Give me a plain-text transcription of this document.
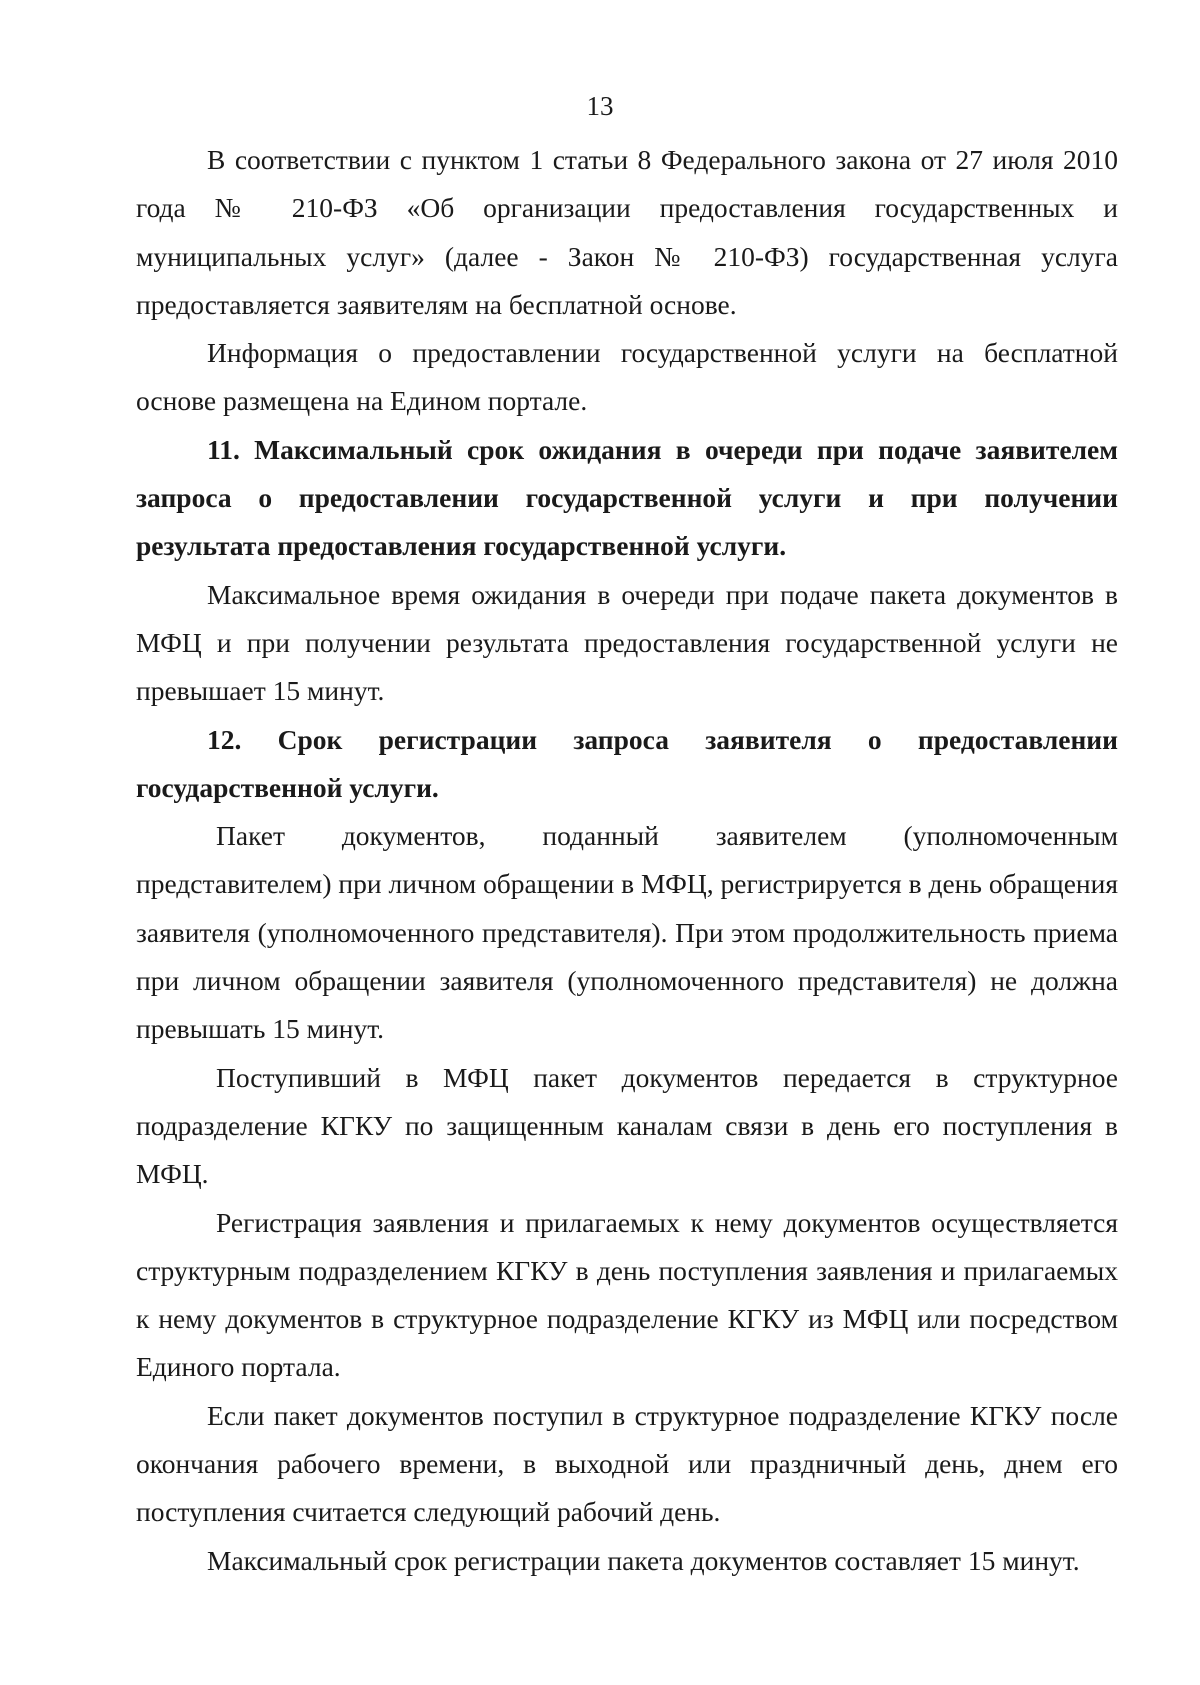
13

В соответствии с пунктом 1 статьи 8 Федерального закона от 27 июля 2010 года № 210-ФЗ «Об организации предоставления государственных и муниципальных услуг» (далее - Закон № 210-ФЗ) государственная услуга предоставляется заявителям на бесплатной основе.

Информация о предоставлении государственной услуги на бесплатной основе размещена на Едином портале.

11. Максимальный срок ожидания в очереди при подаче заявителем запроса о предоставлении государственной услуги и при получении результата предоставления государственной услуги.

Максимальное время ожидания в очереди при подаче пакета документов в МФЦ и при получении результата предоставления государственной услуги не превышает 15 минут.

12. Срок регистрации запроса заявителя о предоставлении государственной услуги.

Пакет документов, поданный заявителем (уполномоченным представителем) при личном обращении в МФЦ, регистрируется в день обращения заявителя (уполномоченного представителя). При этом продолжительность приема при личном обращении заявителя (уполномоченного представителя) не должна превышать 15 минут.

Поступивший в МФЦ пакет документов передается в структурное подразделение КГКУ по защищенным каналам связи в день его поступления в МФЦ.

Регистрация заявления и прилагаемых к нему документов осуществляется структурным подразделением КГКУ в день поступления заявления и прилагаемых к нему документов в структурное подразделение КГКУ из МФЦ или посредством Единого портала.

Если пакет документов поступил в структурное подразделение КГКУ после окончания рабочего времени, в выходной или праздничный день, днем его поступления считается следующий рабочий день.

Максимальный срок регистрации пакета документов составляет 15 минут.
